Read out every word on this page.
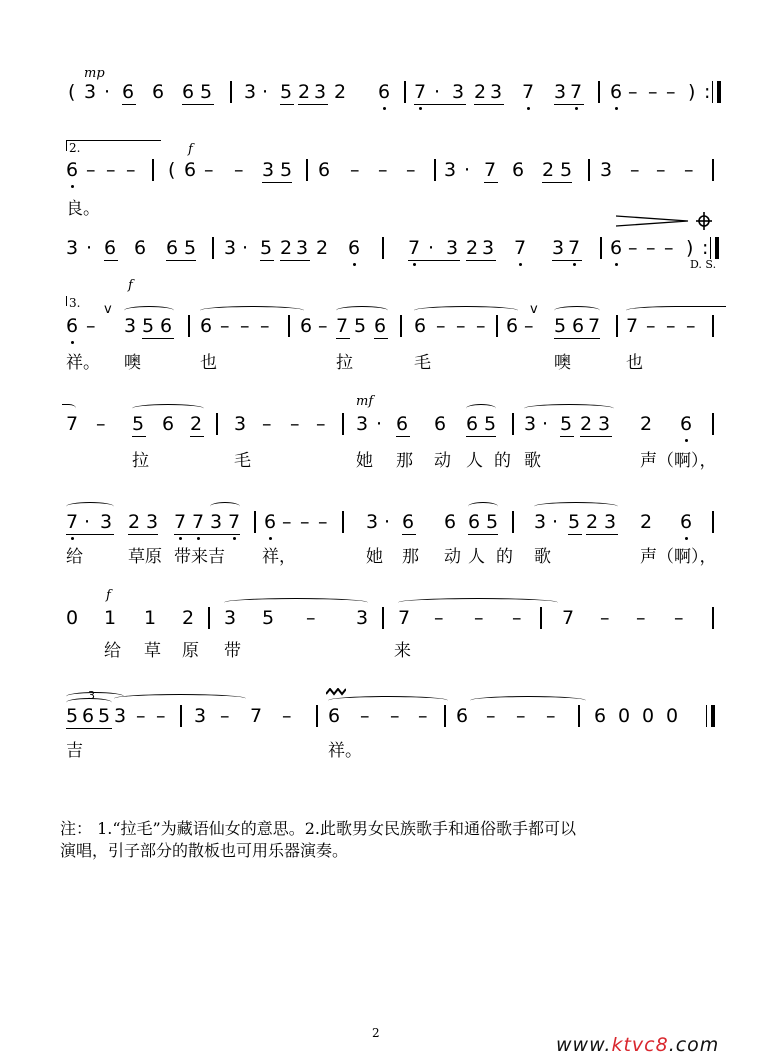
mp
( 3 · 6 6 6 5 3 · 5 2 3 2 6 7 · 3 2 3 7 3 7 6 – – – ) :
2.	f
6 – – – ( 6 – – 3 5 6 – – – 3 · 7 6 2 5 3 – – –
良。
D. S.
3 · 6 6 6 5 3 · 5 2 3 2 6	7 · 3 2 3 7 3 7 6 – – – ) :
3.
f
v	v
6 – 3 5 6 6 – – – 6 – 7 5 6 6 – – – 6 – 5 6 7 7 – – –
祥。 噢	也	拉	毛	噢	也
mf
7 – 5 6 2 3 – – – 3 · 6 6 6 5 3 · 5 2 3 2 6
拉	毛	她 那 动 人 的 歌	声（啊），
7 · 3 2 3 7 7 3 7 6 – – – 3 · 6 6 6 5 3 · 5 2 3 2 6
给	草原 带来吉 祥，	她 那 动 人 的 歌	声（啊），
f
0 1 1 2 3 5 – 3 7 – – – 7 – – –
给 草 原 带	来
3
5 6 5 3 – – 3 – 7 – 6 – – – 6 – – – 6 0 0 0
吉	祥。
注： 1.“拉毛”为藏语仙女的意思。2.此歌男女民族歌手和通俗歌手都可以
演唱，引子部分的散板也可用乐器演奏。
2
www.ktvc8.com
